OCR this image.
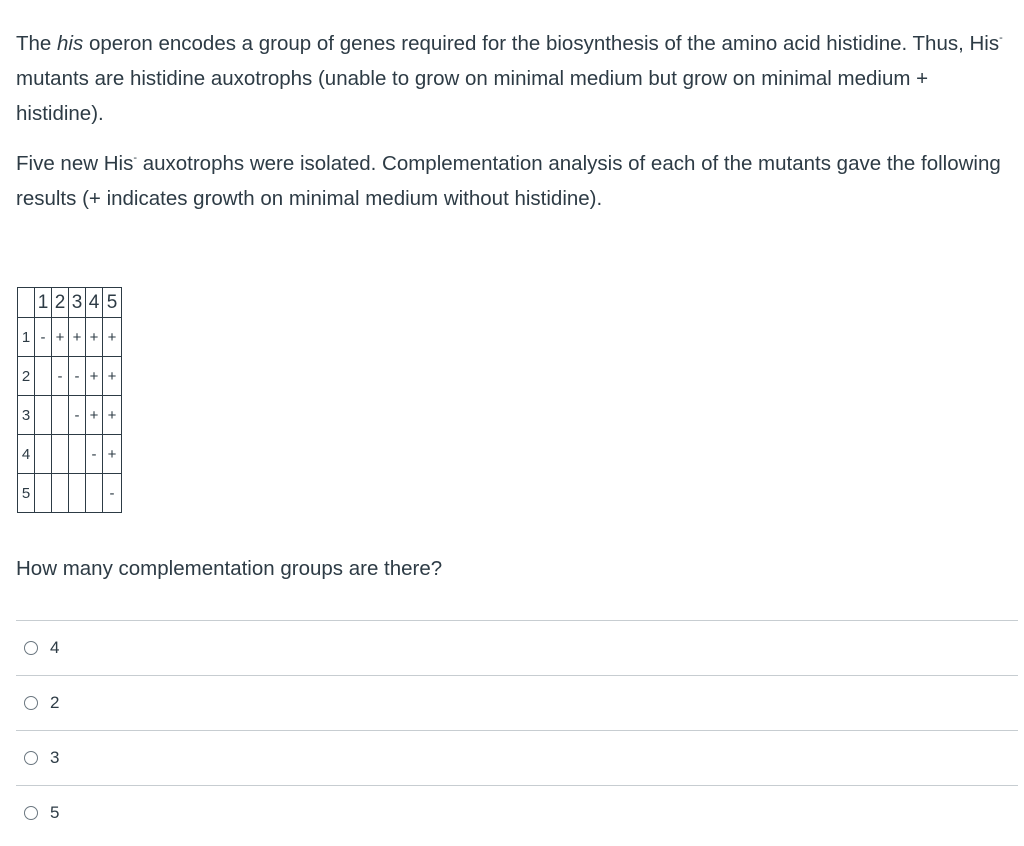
The his operon encodes a group of genes required for the biosynthesis of the amino acid histidine. Thus, His- mutants are histidine auxotrophs (unable to grow on minimal medium but grow on minimal medium + histidine).

Five new His- auxotrophs were isolated. Complementation analysis of each of the mutants gave the following results (+ indicates growth on minimal medium without histidine).

	1	2	3	4	5
1	-	+	+	+	+
2		-	-	+	+
3			-	+	+
4				-	+
5					-

How many complementation groups are there?

4
2
3
5
